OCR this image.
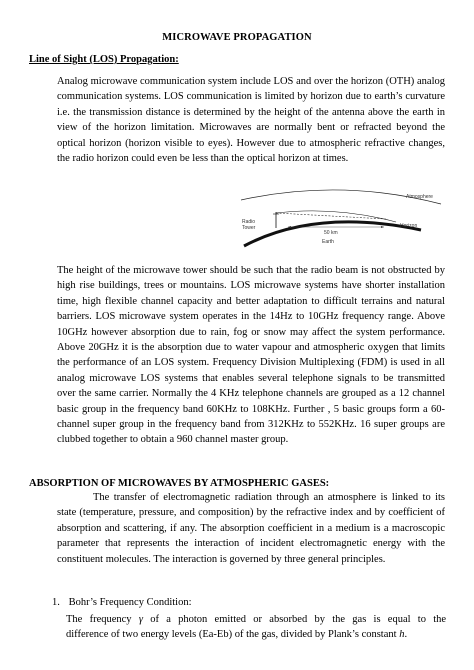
MICROWAVE PROPAGATION
Line of Sight (LOS) Propagation:

Analog microwave communication system include LOS and over the horizon (OTH) analog communication systems. LOS communication is limited by horizon due to earth’s curvature i.e. the transmission distance is determined by the height of the antenna above the earth in view of the horizon limitation. Microwaves are normally bent or refracted beyond the optical horizon (horizon visible to eyes). However due to atmospheric refractive changes, the radio horizon could even be less than the optical horizon at times.

Atmosphere
Radio
Tower	Horizon
50 km
Earth

The height of the microwave tower should be such that the radio beam is not obstructed by high rise buildings, trees or mountains. LOS microwave systems have shorter installation time, high flexible channel capacity and better adaptation to difficult terrains and natural barriers. LOS microwave system operates in the 14Hz to 10GHz frequency range. Above 10GHz however absorption due to rain, fog or snow may affect the system performance. Above 20GHz it is the absorption due to water vapour and atmospheric oxygen that limits the performance of an LOS system. Frequency Division Multiplexing (FDM) is used in all analog microwave LOS systems that enables several telephone signals to be transmitted over the same carrier. Normally the 4 KHz telephone channels are grouped as a 12 channel basic group in the frequency band 60KHz to 108KHz. Further , 5 basic groups form a 60-channel super group in the frequency band from 312KHz to 552KHz. 16 super groups are clubbed together to obtain a 960 channel master group.

ABSORPTION OF MICROWAVES BY ATMOSPHERIC GASES:

The transfer of electromagnetic radiation through an atmosphere is linked to its state (temperature, pressure, and composition) by the refractive index and by coefficient of absorption and scattering, if any. The absorption coefficient in a medium is a macroscopic parameter that represents the interaction of incident electromagnetic energy with the constituent molecules. The interaction is governed by three general principles.

1. Bohr’s Frequency Condition:
The frequency γ of a photon emitted or absorbed by the gas is equal to the
difference of two energy levels (Ea-Eb) of the gas, divided by Plank’s constant h.
